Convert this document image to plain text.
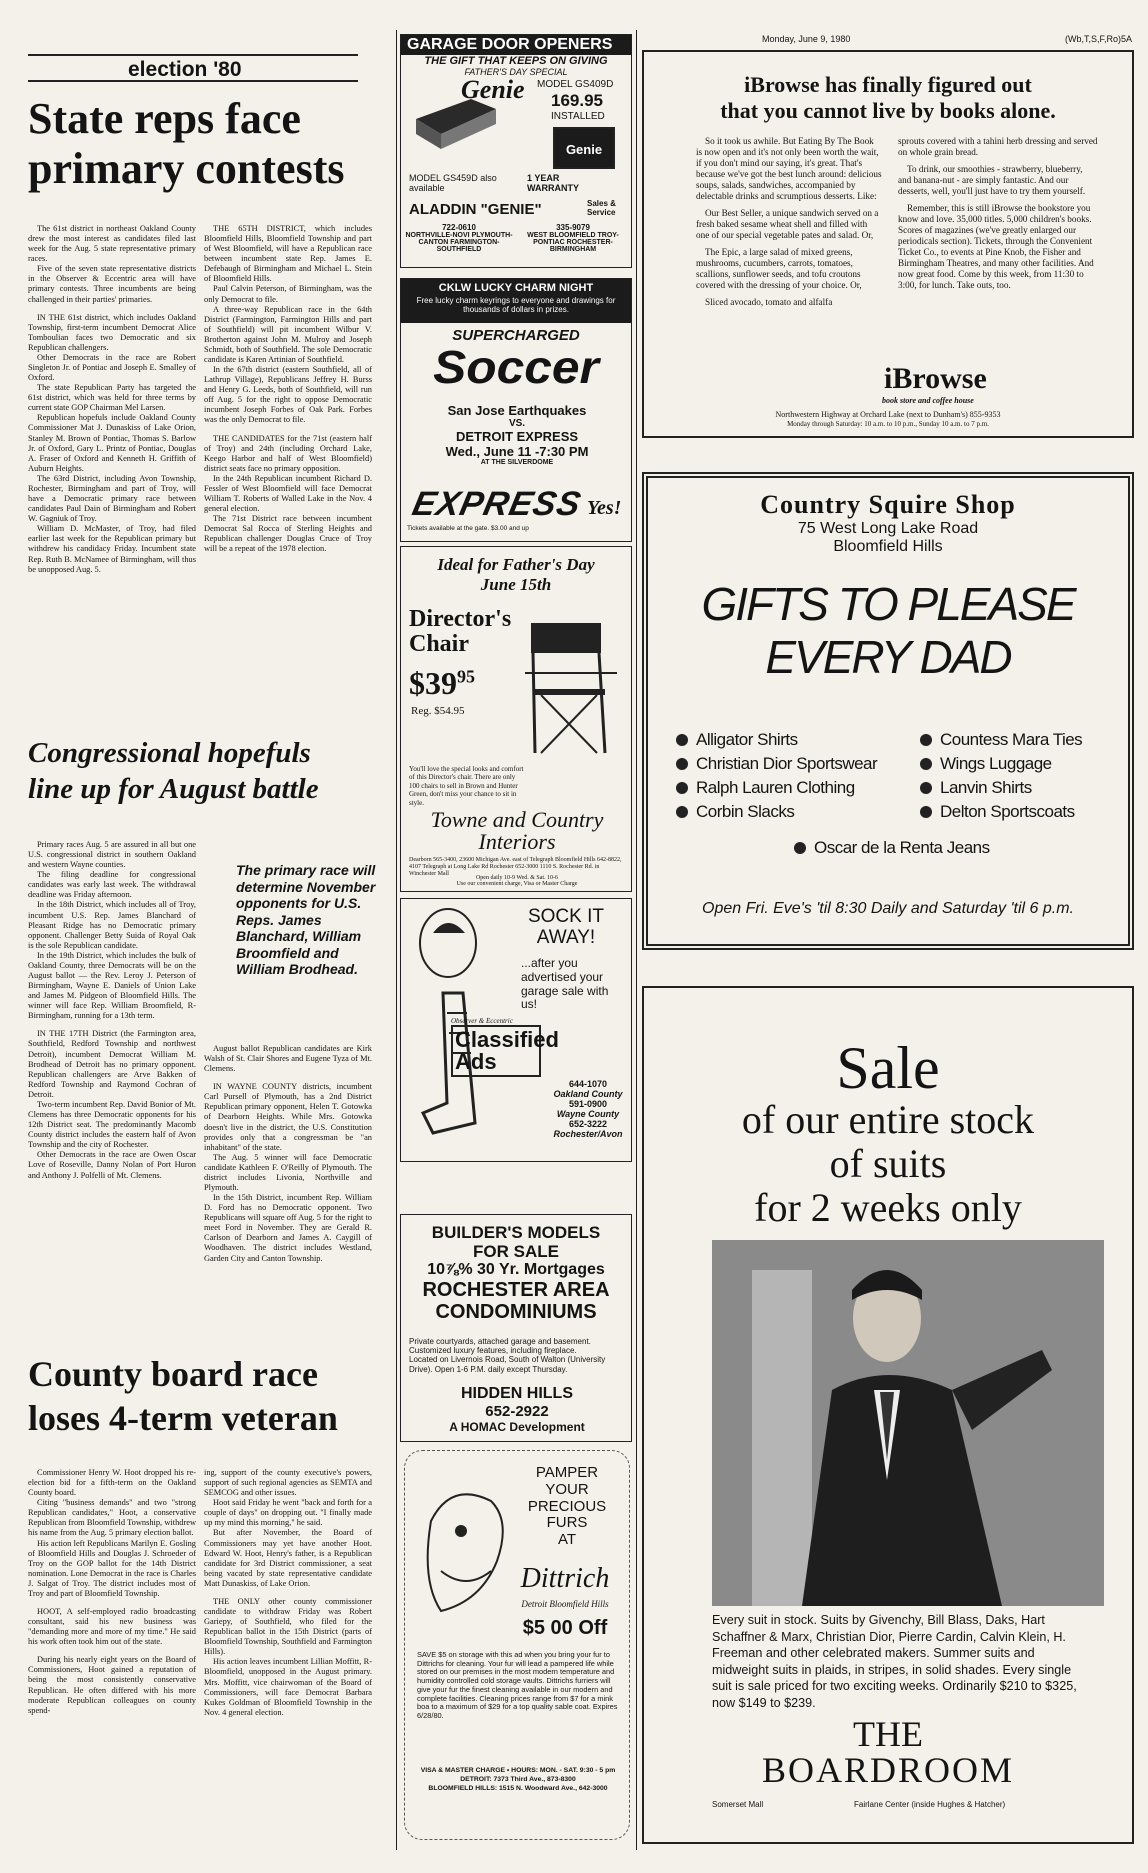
Monday, June 9, 1980	(Wb,T,S,F,Ro)5A
election '80
State reps face
primary contests

The 61st district in northeast Oakland County drew the most interest as candidates filed last week for the Aug. 5 state representative primary races.

Five of the seven state representative districts in the Observer & Eccentric area will have primary contests. Three incumbents are being challenged in their parties' primaries.

IN THE 61st district, which includes Oakland Township, first-term incumbent Democrat Alice Tomboulian faces two Democratic and six Republican challengers.

Other Democrats in the race are Robert Singleton Jr. of Pontiac and Joseph E. Smalley of Oxford.

The state Republican Party has targeted the 61st district, which was held for three terms by current state GOP Chairman Mel Larsen.

Republican hopefuls include Oakland County Commissioner Mat J. Dunaskiss of Lake Orion, Stanley M. Brown of Pontiac, Thomas S. Barlow Jr. of Oxford, Gary L. Printz of Pontiac, Douglas A. Fraser of Oxford and Kenneth H. Griffith of Auburn Heights.

The 63rd District, including Avon Township, Rochester, Birmingham and part of Troy, will have a Democratic primary race between candidates Paul Dain of Birmingham and Robert W. Gagniuk of Troy.

William D. McMaster, of Troy, had filed earlier last week for the Republican primary but withdrew his candidacy Friday. Incumbent state Rep. Ruth B. McNamee of Birmingham, will thus be unopposed Aug. 5.

THE 65TH DISTRICT, which includes Bloomfield Hills, Bloomfield Township and part of West Bloomfield, will have a Republican race between incumbent state Rep. James E. Defebaugh of Birmingham and Michael L. Stein of Bloomfield Hills.

Paul Calvin Peterson, of Birmingham, was the only Democrat to file.

A three-way Republican race in the 64th District (Farmington, Farmington Hills and part of Southfield) will pit incumbent Wilbur V. Brotherton against John M. Mulroy and Joseph Schmidt, both of Southfield. The sole Democratic candidate is Karen Artinian of Southfield.

In the 67th district (eastern Southfield, all of Lathrup Village), Republicans Jeffrey H. Burss and Henry G. Leeds, both of Southfield, will run off Aug. 5 for the right to oppose Democratic incumbent Joseph Forbes of Oak Park. Forbes was the only Democrat to file.

THE CANDIDATES for the 71st (eastern half of Troy) and 24th (including Orchard Lake, Keego Harbor and half of West Bloomfield) district seats face no primary opposition.

In the 24th Republican incumbent Richard D. Fessler of West Bloomfield will face Democrat William T. Roberts of Walled Lake in the Nov. 4 general election.

The 71st District race between incumbent Democrat Sal Rocca of Sterling Heights and Republican challenger Douglas Cruce of Troy will be a repeat of the 1978 election.

Congressional hopefuls
line up for August battle

Primary races Aug. 5 are assured in all but one U.S. congressional district in southern Oakland and western Wayne counties.

The filing deadline for congressional candidates was early last week. The withdrawal deadline was Friday afternoon.

In the 18th District, which includes all of Troy, incumbent U.S. Rep. James Blanchard of Pleasant Ridge has no Democratic primary opponent. Challenger Betty Suida of Royal Oak is the sole Republican candidate.

In the 19th District, which includes the bulk of Oakland County, three Democrats will be on the August ballot — the Rev. Leroy J. Peterson of Birmingham, Wayne E. Daniels of Union Lake and James M. Pidgeon of Bloomfield Hills. The winner will face Rep. William Broomfield, R-Birmingham, running for a 13th term.

IN THE 17TH District (the Farmington area, Southfield, Redford Township and northwest Detroit), incumbent Democrat William M. Brodhead of Detroit has no primary opponent. Republican challengers are Arve Bakken of Redford Township and Raymond Cochran of Detroit.

Two-term incumbent Rep. David Bonior of Mt. Clemens has three Democratic opponents for his 12th District seat. The predominantly Macomb County district includes the eastern half of Avon Township and the city of Rochester.

Other Democrats in the race are Owen Oscar Love of Roseville, Danny Nolan of Port Huron and Anthony J. Polfelli of Mt. Clemens.

The primary race will determine November opponents for U.S. Reps. James Blanchard, William Broomfield and William Brodhead.

August ballot Republican candidates are Kirk Walsh of St. Clair Shores and Eugene Tyza of Mt. Clemens.

IN WAYNE COUNTY districts, incumbent Carl Pursell of Plymouth, has a 2nd District Republican primary opponent, Helen T. Gotowka of Dearborn Heights. While Mrs. Gotowka doesn't live in the district, the U.S. Constitution provides only that a congressman be "an inhabitant" of the state.

The Aug. 5 winner will face Democratic candidate Kathleen F. O'Reilly of Plymouth. The district includes Livonia, Northville and Plymouth.

In the 15th District, incumbent Rep. William D. Ford has no Democratic opponent. Two Republicans will square off Aug. 5 for the right to meet Ford in November. They are Gerald R. Carlson of Dearborn and James A. Caygill of Woodhaven. The district includes Westland, Garden City and Canton Township.

County board race
loses 4-term veteran

Commissioner Henry W. Hoot dropped his re-election bid for a fifth-term on the Oakland County board.

Citing "business demands" and two "strong Republican candidates," Hoot, a conservative Republican from Bloomfield Township, withdrew his name from the Aug. 5 primary election ballot.

His action left Republicans Marilyn E. Gosling of Bloomfield Hills and Douglas J. Schroeder of Troy on the GOP ballot for the 14th District nomination. Lone Democrat in the race is Charles J. Salgat of Troy. The district includes most of Troy and part of Bloomfield Township.

HOOT, A self-employed radio broadcasting consultant, said his new business was "demanding more and more of my time." He said his work often took him out of the state.

During his nearly eight years on the Board of Commissioners, Hoot gained a reputation of being the most consistently conservative Republican. He often differed with his more moderate Republican colleagues on county spend-

ing, support of the county executive's powers, support of such regional agencies as SEMTA and SEMCOG and other issues.

Hoot said Friday he went "back and forth for a couple of days" on dropping out. "I finally made up my mind this morning," he said.

But after November, the Board of Commissioners may yet have another Hoot. Edward W. Hoot, Henry's father, is a Republican candidate for 3rd District commissioner, a seat being vacated by state representative candidate Matt Dunaskiss, of Lake Orion.

THE ONLY other county commissioner candidate to withdraw Friday was Robert Gariepy, of Southfield, who filed for the Republican ballot in the 15th District (parts of Bloomfield Township, Southfield and Farmington Hills).

His action leaves incumbent Lillian Moffitt, R-Bloomfield, unopposed in the August primary. Mrs. Moffitt, vice chairwoman of the Board of Commissioners, will face Democrat Barbara Kukes Goldman of Bloomfield Township in the Nov. 4 general election.

GARAGE DOOR OPENERS
THE GIFT THAT KEEPS ON GIVING
FATHER'S DAY SPECIAL
Genie MODEL GS409D
169.95
INSTALLED
Genie
MODEL GS459D also available
1 YEAR WARRANTY
ALADDIN "GENIE"	Sales & Service
722-0610
NORTHVILLE-NOVI PLYMOUTH-CANTON FARMINGTON-SOUTHFIELD
335-9079
WEST BLOOMFIELD TROY-PONTIAC ROCHESTER-BIRMINGHAM
CKLW LUCKY CHARM NIGHT
Free lucky charm keyrings to everyone and drawings for thousands of dollars in prizes.
SUPERCHARGED
Soccer
San Jose Earthquakes
VS.
DETROIT EXPRESS
Wed., June 11 -7:30 PM
AT THE SILVERDOME
EXPRESS Yes!
Tickets available at the gate. $3.00 and up
Ideal for Father's Day
June 15th
Director's Chair
$\$39^{95}$
Reg. $54.95
You'll love the special looks and comfort of this Director's chair. There are only 100 chairs to sell in Brown and Hunter Green, don't miss your chance to sit in style.
Towne and Country
Interiors
Dearborn 565-3400, 23600 Michigan Ave. east of Telegraph Bloomfield Hills 642-8822, 4107 Telegraph at Long Lake Rd Rochester 652-3000 1110 S. Rochester Rd. in Winchester Mall
Open daily 10-9 Wed. & Sat. 10-6
Use our convenient charge, Visa or Master Charge
SOCK IT
AWAY!
...after you advertised your garage sale with us!
Observer & Eccentric
Classified Ads
644-1070
Oakland County
591-0900
Wayne County
652-3222
Rochester/Avon
BUILDER'S MODELS
FOR SALE
10⅞% 30 Yr. Mortgages
ROCHESTER AREA
CONDOMINIUMS
Private courtyards, attached garage and basement. Customized luxury features, including fireplace.
Located on Livernois Road, South of Walton (University Drive). Open 1-6 P.M. daily except Thursday.
HIDDEN HILLS
652-2922
A HOMAC Development
PAMPER
YOUR
PRECIOUS
FURS
AT
Dittrich
Detroit Bloomfield Hills
$5 00 Off
SAVE $5 on storage with this ad when you bring your fur to Dittrichs for cleaning. Your fur will lead a pampered life while stored on our premises in the most modern temperature and humidity controlled cold storage vaults. Dittrichs furriers will give your fur the finest cleaning available in our modern and complete facilities. Cleaning prices range from $7 for a mink boa to a maximum of $29 for a top quality sable coat. Expires 6/28/80.
VISA & MASTER CHARGE • HOURS: MON. - SAT. 9:30 - 5 pm
DETROIT: 7373 Third Ave., 873-8300
BLOOMFIELD HILLS: 1515 N. Woodward Ave., 642-3000
iBrowse has finally figured out
that you cannot live by books alone.

So it took us awhile. But Eating By The Book is now open and it's not only been worth the wait, if you don't mind our saying, it's great. That's because we've got the best lunch around: delicious soups, salads, sandwiches, accompanied by delectable drinks and scrumptious desserts. Like:

Our Best Seller, a unique sandwich served on a fresh baked sesame wheat shell and filled with one of our special vegetable pates and salad. Or,

The Epic, a large salad of mixed greens, mushrooms, cucumbers, carrots, tomatoes, scallions, sunflower seeds, and tofu croutons covered with the dressing of your choice. Or,

Sliced avocado, tomato and alfalfa

sprouts covered with a tahini herb dressing and served on whole grain bread.

To drink, our smoothies - strawberry, blueberry, and banana-nut - are simply fantastic. And our desserts, well, you'll just have to try them yourself.

Remember, this is still iBrowse the bookstore you know and love. 35,000 titles. 5,000 children's books. Scores of magazines (we've greatly enlarged our periodicals section). Tickets, through the Convenient Ticket Co., to events at Pine Knob, the Fisher and Birmingham Theatres, and many other facilities. And now great food. Come by this week, from 11:30 to 3:00, for lunch. Take outs, too.

iBrowse
book store and coffee house
Northwestern Highway at Orchard Lake (next to Dunham's) 855-9353
Monday through Saturday: 10 a.m. to 10 p.m., Sunday 10 a.m. to 7 p.m.
Country Squire Shop
75 West Long Lake Road
Bloomfield Hills
GIFTS TO PLEASE
EVERY DAD
Alligator Shirts
Christian Dior Sportswear
Ralph Lauren Clothing
Corbin Slacks
Countess Mara Ties
Wings Luggage
Lanvin Shirts
Delton Sportscoats
Oscar de la Renta Jeans
Open Fri. Eve's 'til 8:30 Daily and Saturday 'til 6 p.m.
Sale
of our entire stock
of suits
for 2 weeks only
Every suit in stock. Suits by Givenchy, Bill Blass, Daks, Hart Schaffner & Marx, Christian Dior, Pierre Cardin, Calvin Klein, H. Freeman and other celebrated makers. Summer suits and midweight suits in plaids, in stripes, in solid shades. Every single suit is sale priced for two exciting weeks. Ordinarily $210 to $325, now $149 to $239.
THE
BOARDROOM
Somerset Mall	Fairlane Center (inside Hughes & Hatcher)
